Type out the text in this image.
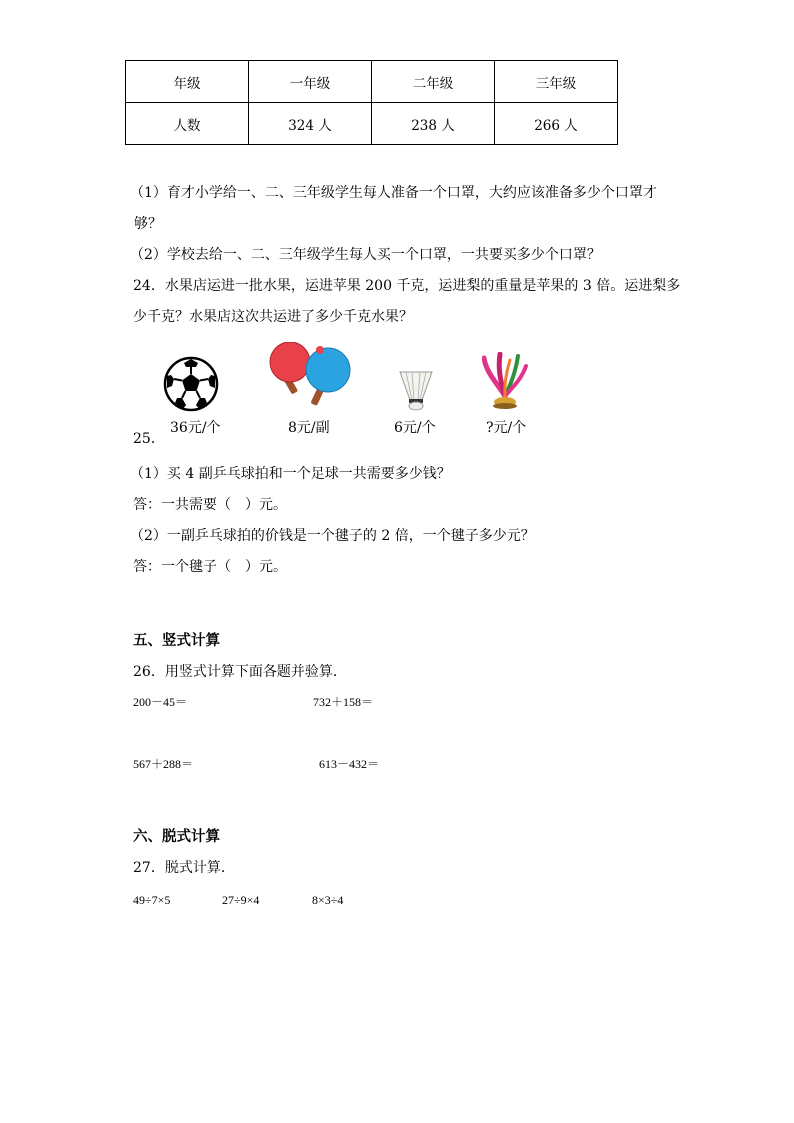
年级	一年级	二年级	三年级
人数	324 人	238 人	266 人
（1）育才小学给一、二、三年级学生每人准备一个口罩，大约应该准备多少个口罩才
够？
（2）学校去给一、二、三年级学生每人买一个口罩，一共要买多少个口罩？
24．水果店运进一批水果，运进苹果 200 千克，运进梨的重量是苹果的 3 倍。运进梨多
少千克？水果店这次共运进了多少千克水果？
36元/个	8元/副	6元/个	?元/个
25．
（1）买 4 副乒乓球拍和一个足球一共需要多少钱？
答：一共需要（　）元。
（2）一副乒乓球拍的价钱是一个毽子的 2 倍，一个毽子多少元？
答：一个毽子（　）元。
五、竖式计算
26．用竖式计算下面各题并验算．
200－45＝	732＋158＝
567＋288＝	613－432＝
六、脱式计算
27．脱式计算．
49÷7×5	27÷9×4	8×3÷4
